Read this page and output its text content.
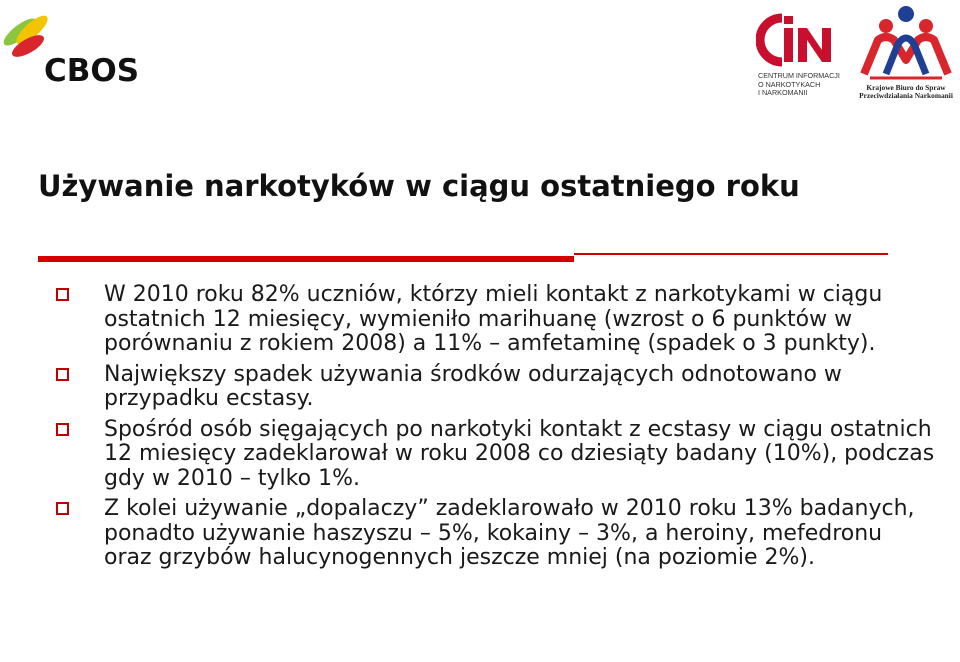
CBOS	CENTRUM INFORMACJI
O NARKOTYKACH
I NARKOMANII
Krajowe Biuro do Spraw
Przeciwdziałania Narkomanii
Używanie narkotyków w ciągu ostatniego roku
W 2010 roku 82% uczniów, którzy mieli kontakt z narkotykami w ciągu ostatnich 12 miesięcy, wymieniło marihuanę (wzrost o 6 punktów w porównaniu z rokiem 2008) a 11% – amfetaminę (spadek o 3 punkty).
Największy spadek używania środków odurzających odnotowano w przypadku ecstasy.
Spośród osób sięgających po narkotyki kontakt z ecstasy w ciągu ostatnich 12 miesięcy zadeklarował w roku 2008 co dziesiąty badany (10%), podczas gdy w 2010 – tylko 1%.
Z kolei używanie „dopalaczy” zadeklarowało w 2010 roku 13% badanych, ponadto używanie haszyszu – 5%, kokainy – 3%, a heroiny, mefedronu oraz grzybów halucynogennych jeszcze mniej (na poziomie 2%).
